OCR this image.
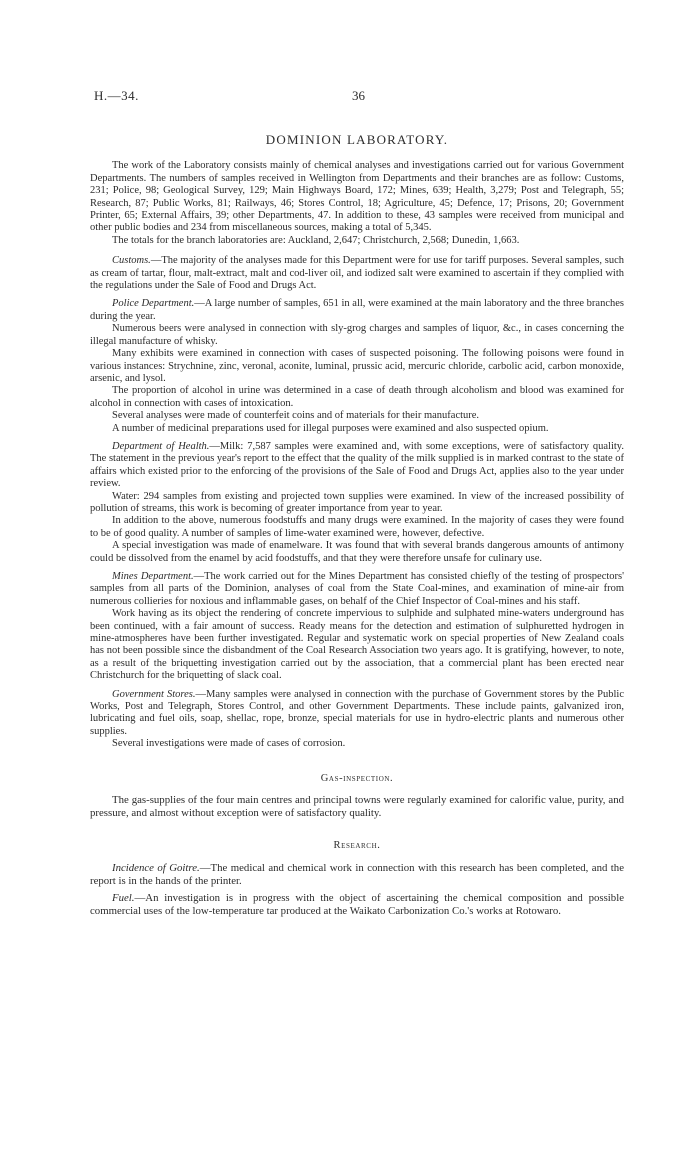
H.—34.	36
DOMINION LABORATORY.

The work of the Laboratory consists mainly of chemical analyses and investigations carried out for various Government Departments. The numbers of samples received in Wellington from Departments and their branches are as follow: Customs, 231; Police, 98; Geological Survey, 129; Main Highways Board, 172; Mines, 639; Health, 3,279; Post and Telegraph, 55; Research, 87; Public Works, 81; Railways, 46; Stores Control, 18; Agriculture, 45; Defence, 17; Prisons, 20; Government Printer, 65; External Affairs, 39; other Departments, 47. In addition to these, 43 samples were received from municipal and other public bodies and 234 from miscellaneous sources, making a total of 5,345.

The totals for the branch laboratories are: Auckland, 2,647; Christchurch, 2,568; Dunedin, 1,663.

Customs.—The majority of the analyses made for this Department were for use for tariff purposes. Several samples, such as cream of tartar, flour, malt-extract, malt and cod-liver oil, and iodized salt were examined to ascertain if they complied with the regulations under the Sale of Food and Drugs Act.

Police Department.—A large number of samples, 651 in all, were examined at the main laboratory and the three branches during the year.

Numerous beers were analysed in connection with sly-grog charges and samples of liquor, &c., in cases concerning the illegal manufacture of whisky.

Many exhibits were examined in connection with cases of suspected poisoning. The following poisons were found in various instances: Strychnine, zinc, veronal, aconite, luminal, prussic acid, mercuric chloride, carbolic acid, carbon monoxide, arsenic, and lysol.

The proportion of alcohol in urine was determined in a case of death through alcoholism and blood was examined for alcohol in connection with cases of intoxication.

Several analyses were made of counterfeit coins and of materials for their manufacture.

A number of medicinal preparations used for illegal purposes were examined and also suspected opium.

Department of Health.—Milk: 7,587 samples were examined and, with some exceptions, were of satisfactory quality. The statement in the previous year's report to the effect that the quality of the milk supplied is in marked contrast to the state of affairs which existed prior to the enforcing of the provisions of the Sale of Food and Drugs Act, applies also to the year under review.

Water: 294 samples from existing and projected town supplies were examined. In view of the increased possibility of pollution of streams, this work is becoming of greater importance from year to year.

In addition to the above, numerous foodstuffs and many drugs were examined. In the majority of cases they were found to be of good quality. A number of samples of lime-water examined were, however, defective.

A special investigation was made of enamelware. It was found that with several brands dangerous amounts of antimony could be dissolved from the enamel by acid foodstuffs, and that they were therefore unsafe for culinary use.

Mines Department.—The work carried out for the Mines Department has consisted chiefly of the testing of prospectors' samples from all parts of the Dominion, analyses of coal from the State Coal-mines, and examination of mine-air from numerous collieries for noxious and inflammable gases, on behalf of the Chief Inspector of Coal-mines and his staff.

Work having as its object the rendering of concrete impervious to sulphide and sulphated mine-waters underground has been continued, with a fair amount of success. Ready means for the detection and estimation of sulphuretted hydrogen in mine-atmospheres have been further investigated. Regular and systematic work on special properties of New Zealand coals has not been possible since the disbandment of the Coal Research Association two years ago. It is gratifying, however, to note, as a result of the briquetting investigation carried out by the association, that a commercial plant has been erected near Christchurch for the briquetting of slack coal.

Government Stores.—Many samples were analysed in connection with the purchase of Government stores by the Public Works, Post and Telegraph, Stores Control, and other Government Departments. These include paints, galvanized iron, lubricating and fuel oils, soap, shellac, rope, bronze, special materials for use in hydro-electric plants and numerous other supplies.

Several investigations were made of cases of corrosion.

Gas-inspection.

The gas-supplies of the four main centres and principal towns were regularly examined for calorific value, purity, and pressure, and almost without exception were of satisfactory quality.

Research.

Incidence of Goitre.—The medical and chemical work in connection with this research has been completed, and the report is in the hands of the printer.

Fuel.—An investigation is in progress with the object of ascertaining the chemical composition and possible commercial uses of the low-temperature tar produced at the Waikato Carbonization Co.'s works at Rotowaro.
